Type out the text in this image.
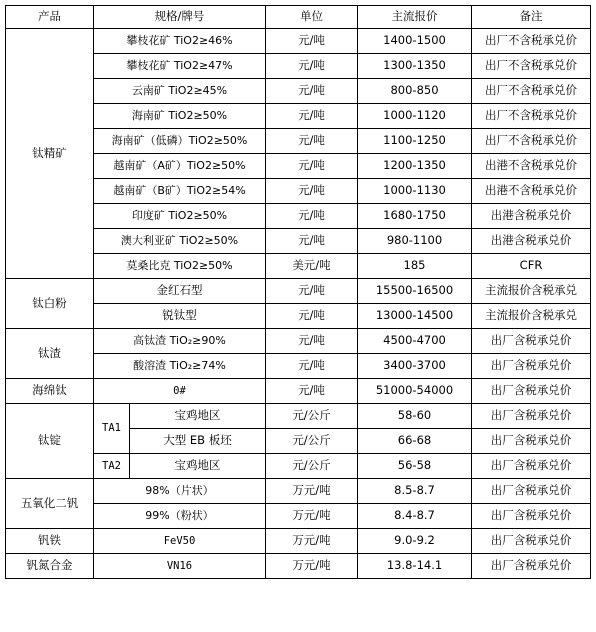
产品	规格/牌号		单位	主流报价	备注
钛精矿	攀枝花矿 TiO2≥46%		元/吨	1400-1500	出厂不含税承兑价
	攀枝花矿 TiO2≥47%		元/吨	1300-1350	出厂不含税承兑价
	云南矿 TiO2≥45%		元/吨	800-850	出厂不含税承兑价
	海南矿 TiO2≥50%		元/吨	1000-1120	出厂不含税承兑价
	海南矿（低磷）TiO2≥50%		元/吨	1100-1250	出厂不含税承兑价
	越南矿（A矿）TiO2≥50%		元/吨	1200-1350	出港不含税承兑价
	越南矿（B矿）TiO2≥54%		元/吨	1000-1130	出港不含税承兑价
	印度矿 TiO2≥50%		元/吨	1680-1750	出港含税承兑价
	澳大利亚矿 TiO2≥50%		元/吨	980-1100	出港含税承兑价
	莫桑比克 TiO2≥50%		美元/吨	185	CFR
钛白粉	金红石型		元/吨	15500-16500	主流报价含税承兑
	锐钛型		元/吨	13000-14500	主流报价含税承兑
钛渣	高钛渣 TiO₂≥90%		元/吨	4500-4700	出厂含税承兑价
	酸溶渣 TiO₂≥74%		元/吨	3400-3700	出厂含税承兑价
海绵钛	0#		元/吨	51000-54000	出厂含税承兑价
钛锭	TA1	宝鸡地区	元/公斤	58-60	出厂含税承兑价
		大型 EB 板坯	元/公斤	66-68	出厂含税承兑价
	TA2	宝鸡地区	元/公斤	56-58	出厂含税承兑价
五氧化二钒	98%（片状）		万元/吨	8.5-8.7	出厂含税承兑价
	99%（粉状）		万元/吨	8.4-8.7	出厂含税承兑价
钒铁	FeV50		万元/吨	9.0-9.2	出厂含税承兑价
钒氮合金	VN16		万元/吨	13.8-14.1	出厂含税承兑价
